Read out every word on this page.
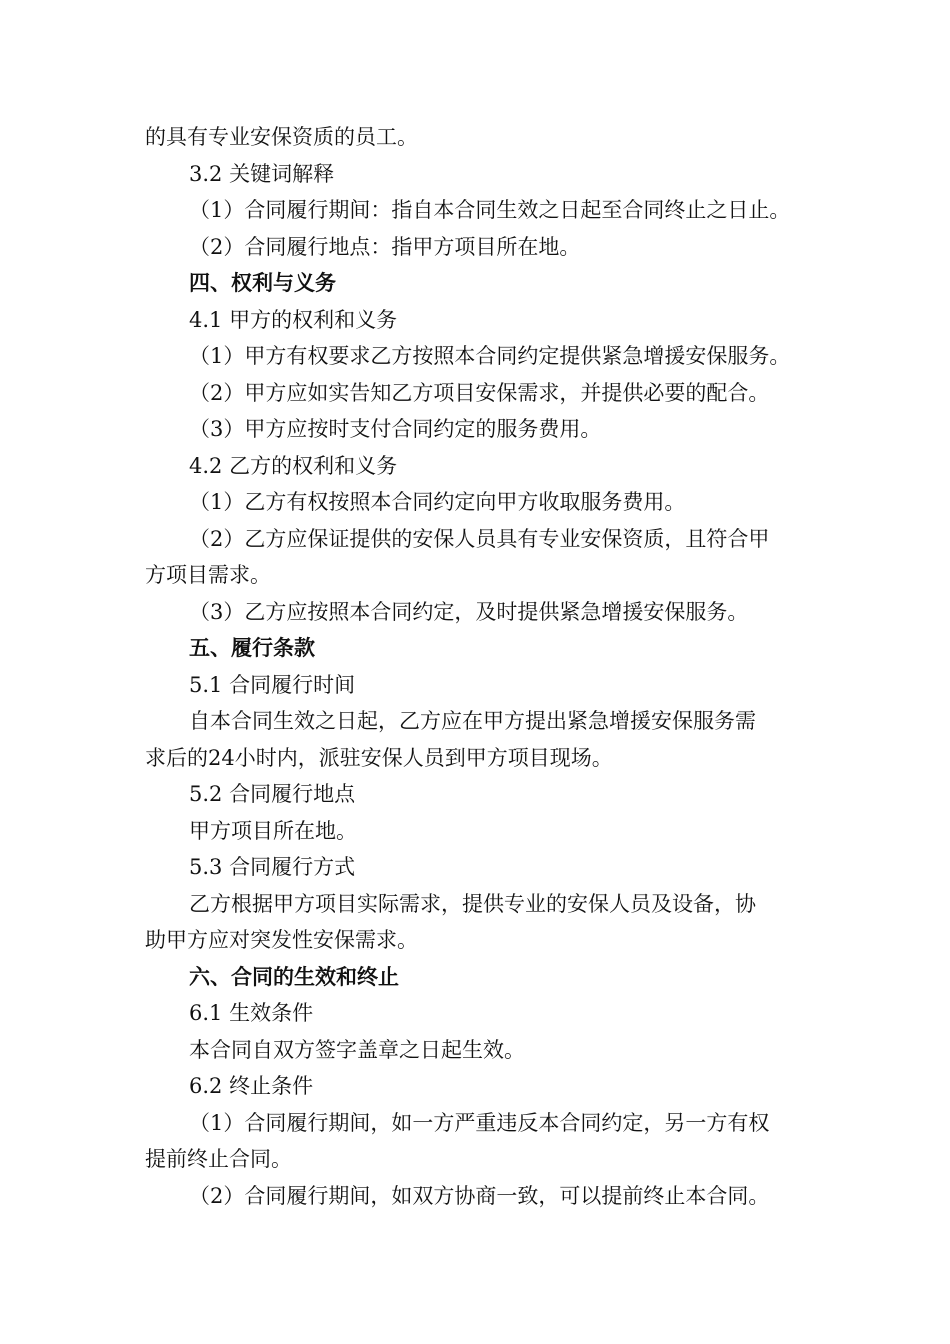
的具有专业安保资质的员工。
3.2 关键词解释
（1）合同履行期间：指自本合同生效之日起至合同终止之日止。
（2）合同履行地点：指甲方项目所在地。
四、权利与义务
4.1 甲方的权利和义务
（1）甲方有权要求乙方按照本合同约定提供紧急增援安保服务。
（2）甲方应如实告知乙方项目安保需求，并提供必要的配合。
（3）甲方应按时支付合同约定的服务费用。
4.2 乙方的权利和义务
（1）乙方有权按照本合同约定向甲方收取服务费用。
（2）乙方应保证提供的安保人员具有专业安保资质，且符合甲
方项目需求。
（3）乙方应按照本合同约定，及时提供紧急增援安保服务。
五、履行条款
5.1 合同履行时间
自本合同生效之日起，乙方应在甲方提出紧急增援安保服务需
求后的24小时内，派驻安保人员到甲方项目现场。
5.2 合同履行地点
甲方项目所在地。
5.3 合同履行方式
乙方根据甲方项目实际需求，提供专业的安保人员及设备，协
助甲方应对突发性安保需求。
六、合同的生效和终止
6.1 生效条件
本合同自双方签字盖章之日起生效。
6.2 终止条件
（1）合同履行期间，如一方严重违反本合同约定，另一方有权
提前终止合同。
（2）合同履行期间，如双方协商一致，可以提前终止本合同。
